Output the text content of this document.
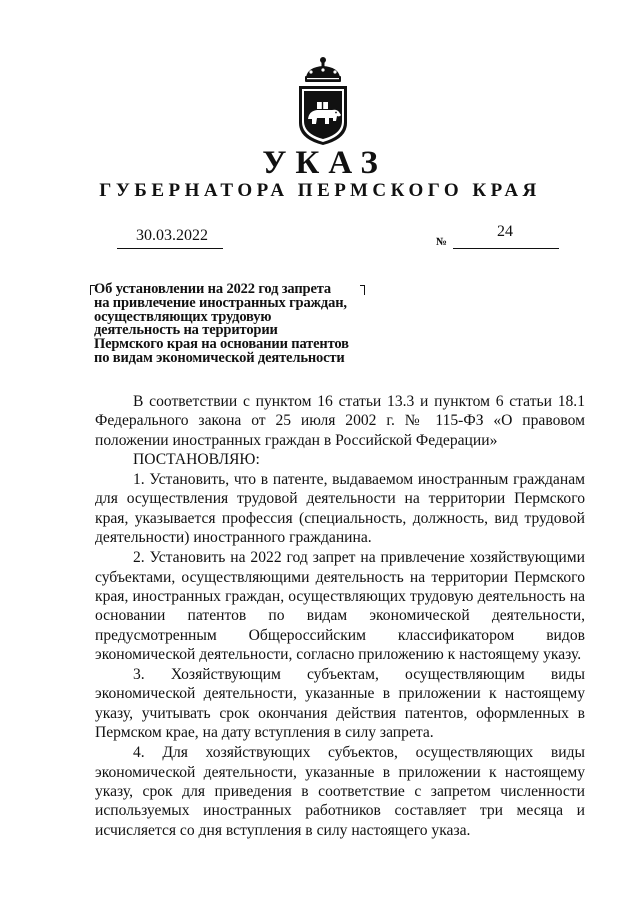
УКАЗ
ГУБЕРНАТОРА ПЕРМСКОГО КРАЯ
30.03.2022	№
24
Об установлении на 2022 год запрета
на привлечение иностранных граждан,
осуществляющих трудовую
деятельность на территории
Пермского края на основании патентов
по видам экономической деятельности

В соответствии с пунктом 16 статьи 13.3 и пунктом 6 статьи 18.1 Федерального закона от 25 июля 2002 г. № 115-ФЗ «О правовом положении иностранных граждан в Российской Федерации»

ПОСТАНОВЛЯЮ:

1. Установить, что в патенте, выдаваемом иностранным гражданам для осуществления трудовой деятельности на территории Пермского края, указывается профессия (специальность, должность, вид трудовой деятельности) иностранного гражданина.

2. Установить на 2022 год запрет на привлечение хозяйствующими субъектами, осуществляющими деятельность на территории Пермского края, иностранных граждан, осуществляющих трудовую деятельность на основании патентов по видам экономической деятельности, предусмотренным Общероссийским классификатором видов экономической деятельности, согласно приложению к настоящему указу.

3. Хозяйствующим субъектам, осуществляющим виды экономической деятельности, указанные в приложении к настоящему указу, учитывать срок окончания действия патентов, оформленных в Пермском крае, на дату вступления в силу запрета.

4. Для хозяйствующих субъектов, осуществляющих виды экономической деятельности, указанные в приложении к настоящему указу, срок для приведения в соответствие с запретом численности используемых иностранных работников составляет три месяца и исчисляется со дня вступления в силу настоящего указа.
